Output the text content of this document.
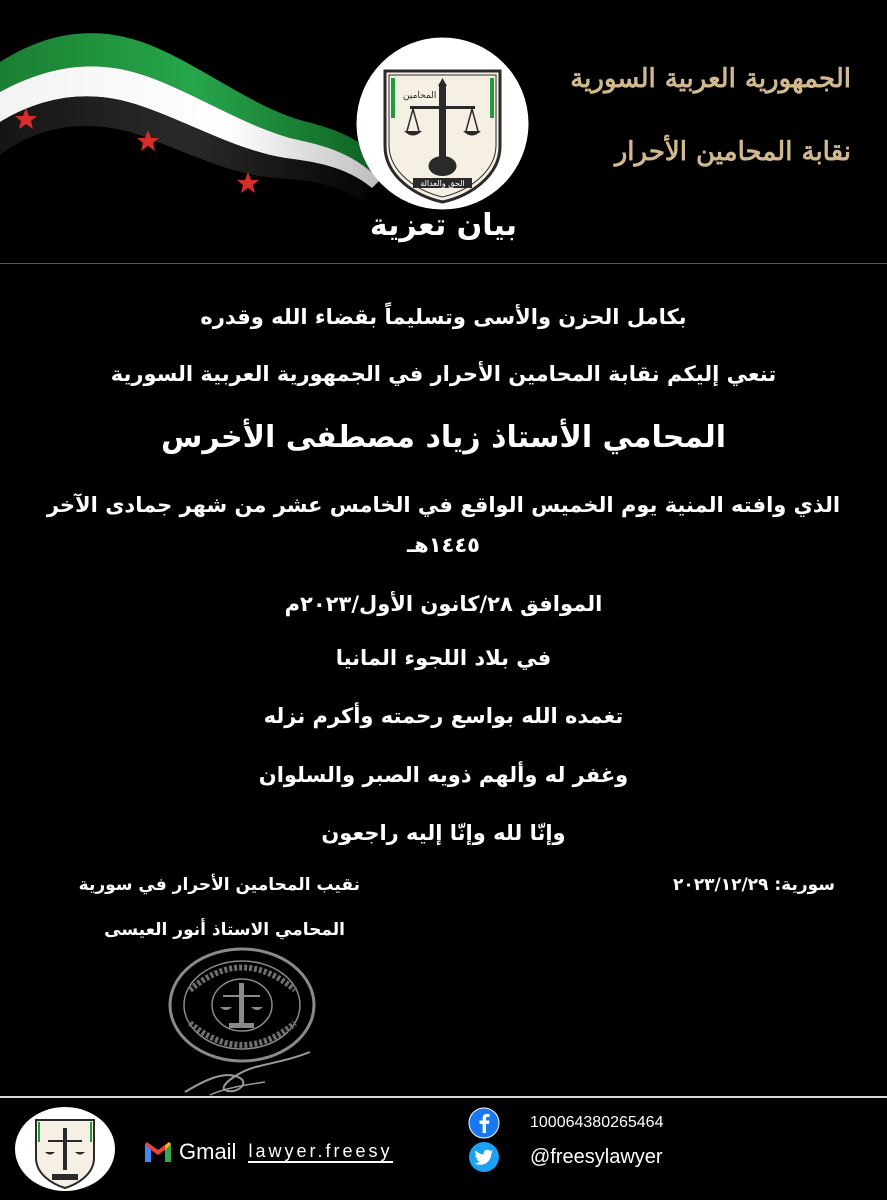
المحامين
الحق والعدالة
الجمهورية العربية السورية
نقابة المحامين الأحرار
بيان تعزية
بكامل الحزن والأسى وتسليماً بقضاء الله وقدره
تنعي إليكم نقابة المحامين الأحرار في الجمهورية العربية السورية
المحامي الأستاذ زياد مصطفى الأخرس
الذي وافته المنية يوم الخميس الواقع في الخامس عشر من شهر جمادى الآخر
١٤٤٥هـ
الموافق ٢٨/كانون الأول/٢٠٢٣م
في بلاد اللجوء المانيا
تغمده الله بواسع رحمته وأكرم نزله
وغفر له وألهم ذويه الصبر والسلوان
وإنّا لله وإنّا إليه راجعون
سورية: ٢٠٢٣/١٢/٢٩
نقيب المحامين الأحرار في سورية
المحامي الاستاذ أنور العيسى
Gmail lawyer.freesy
100064380265464
@freesylawyer
